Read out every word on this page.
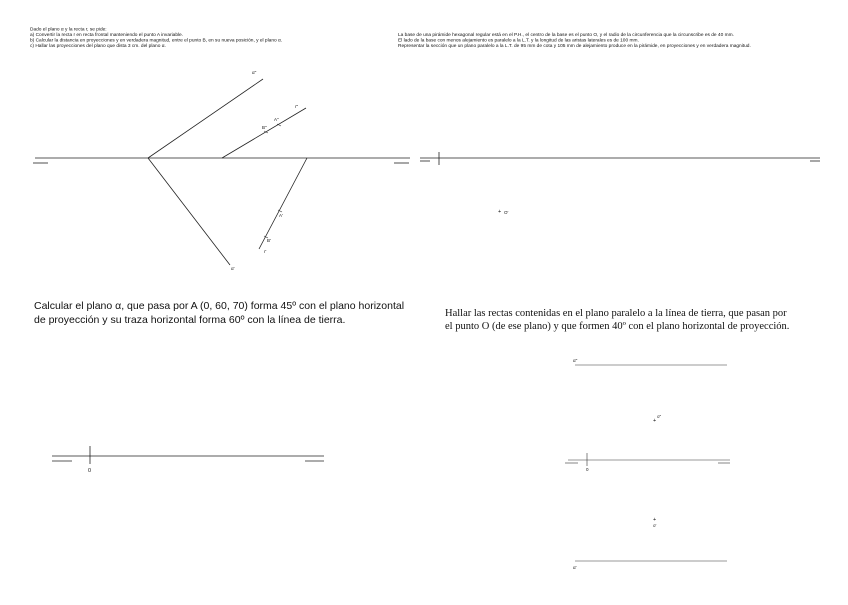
Dado el plano α y la recta r, se pide:
a) Convertir la recta r en recta frontal manteniendo el punto A invariable.
b) Calcular la distancia en proyecciones y en verdadera magnitud, entre el punto B, en su nueva posición, y el plano α.
c) Hallar las proyecciones del plano que dista 3 cm. del plano α.
α''
r''
A''
B''
A'
B'
r'
α'
La base de una pirámide hexagonal regular está en el P.H., el centro de la base es el punto O, y el radio de la circunferencia que la circunscribe es de 40 mm.
El lado de la base con menos alejamiento es paralelo a la L.T. y la longitud de las aristas laterales es de 100 mm.
Representar la sección que un plano paralelo a la L.T. de 95 mm de cota y 105 mm de alejamiento produce en la pirámide, en proyecciones y en verdadera magnitud.
+ O'
Calcular el plano α, que pasa por A (0, 60, 70) forma 45º con el plano horizontal
de proyección y su traza horizontal forma 60º con la línea de tierra.
0
Hallar las rectas contenidas en el plano paralelo a la línea de tierra, que pasan por
el punto O (de ese plano) y que formen 40º con el plano horizontal de proyección.
α''
+
o''
0
+
o'
α'
